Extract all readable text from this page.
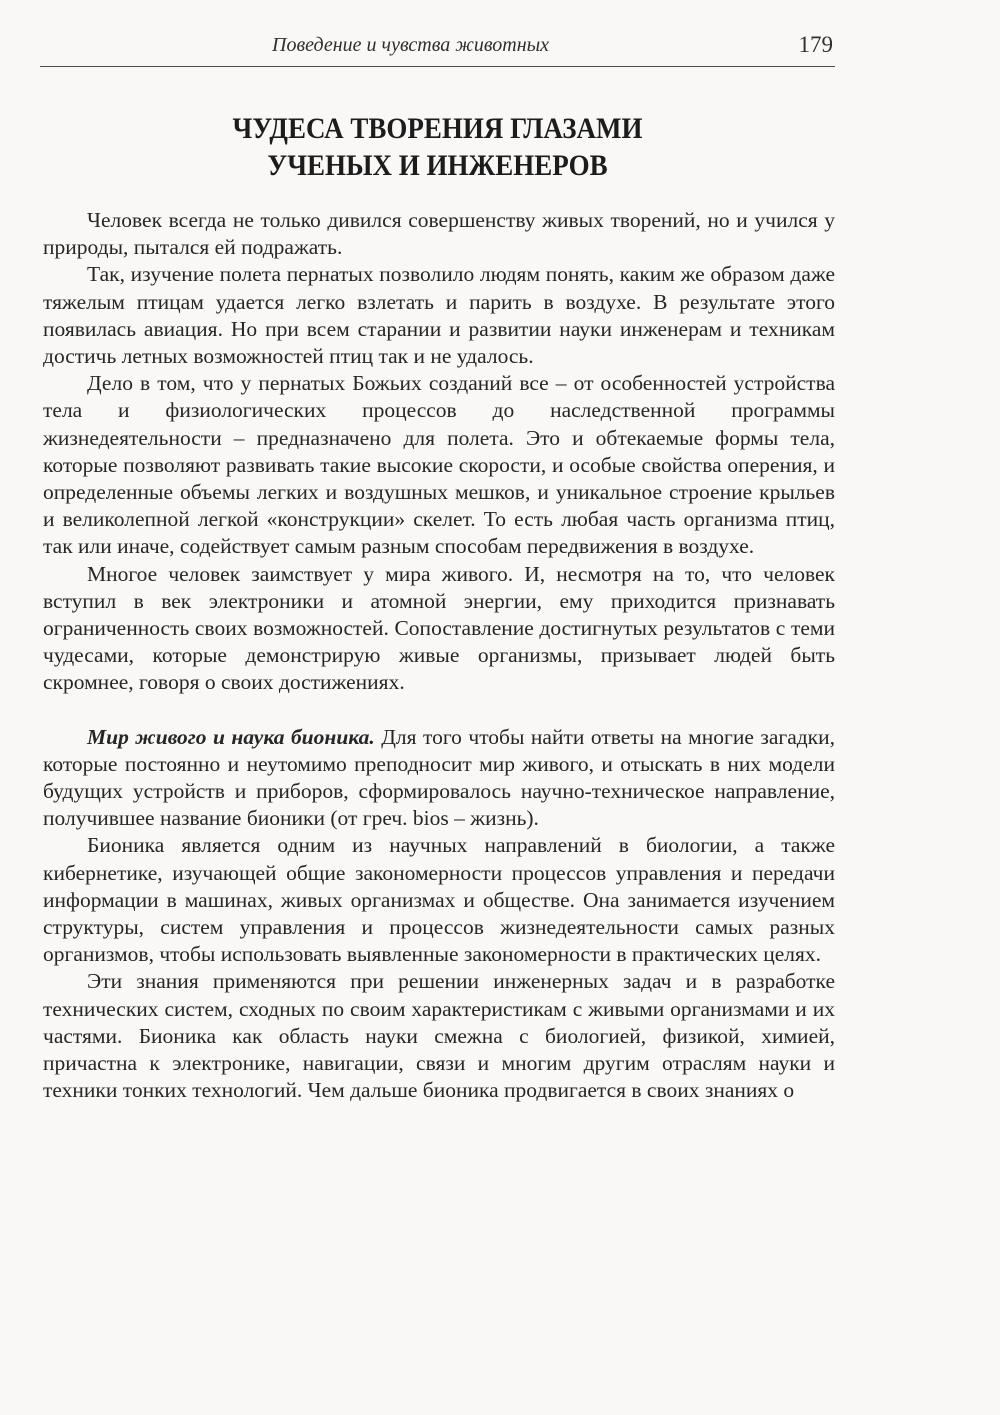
Поведение и чувства животных	179
ЧУДЕСА ТВОРЕНИЯ ГЛАЗАМИ
УЧЕНЫХ И ИНЖЕНЕРОВ

Человек всегда не только дивился совершенству живых творений, но и учился у природы, пытался ей подражать.

Так, изучение полета пернатых позволило людям понять, каким же образом даже тяжелым птицам удается легко взлетать и парить в воздухе. В результате этого появилась авиация. Но при всем старании и развитии науки инженерам и техникам достичь летных возможностей птиц так и не удалось.

Дело в том, что у пернатых Божьих созданий все – от особенностей устройства тела и физиологических процессов до наследственной программы жизнедеятельности – предназначено для полета. Это и обтекаемые формы тела, которые позволяют развивать такие высокие скорости, и особые свойства оперения, и определенные объемы легких и воздушных мешков, и уникальное строение крыльев и великолепной легкой «конструкции» скелет. То есть любая часть организма птиц, так или иначе, содействует самым разным способам передвижения в воздухе.

Многое человек заимствует у мира живого. И, несмотря на то, что человек вступил в век электроники и атомной энергии, ему приходится признавать ограниченность своих возможностей. Сопоставление достигнутых результатов с теми чудесами, которые демонстрирую живые организмы, призывает людей быть скромнее, говоря о своих достижениях.

Мир живого и наука бионика. Для того чтобы найти ответы на многие загадки, которые постоянно и неутомимо преподносит мир живого, и отыскать в них модели будущих устройств и приборов, сформировалось научно-техническое направление, получившее название бионики (от греч. bios – жизнь).

Бионика является одним из научных направлений в биологии, а также кибернетике, изучающей общие закономерности процессов управления и передачи информации в машинах, живых организмах и обществе. Она занимается изучением структуры, систем управления и процессов жизнедеятельности самых разных организмов, чтобы использовать выявленные закономерности в практических целях.

Эти знания применяются при решении инженерных задач и в разработке технических систем, сходных по своим характеристикам с живыми организмами и их частями. Бионика как область науки смежна с биологией, физикой, химией, причастна к электронике, навигации, связи и многим другим отраслям науки и техники тонких технологий. Чем дальше бионика продвигается в своих знаниях о
